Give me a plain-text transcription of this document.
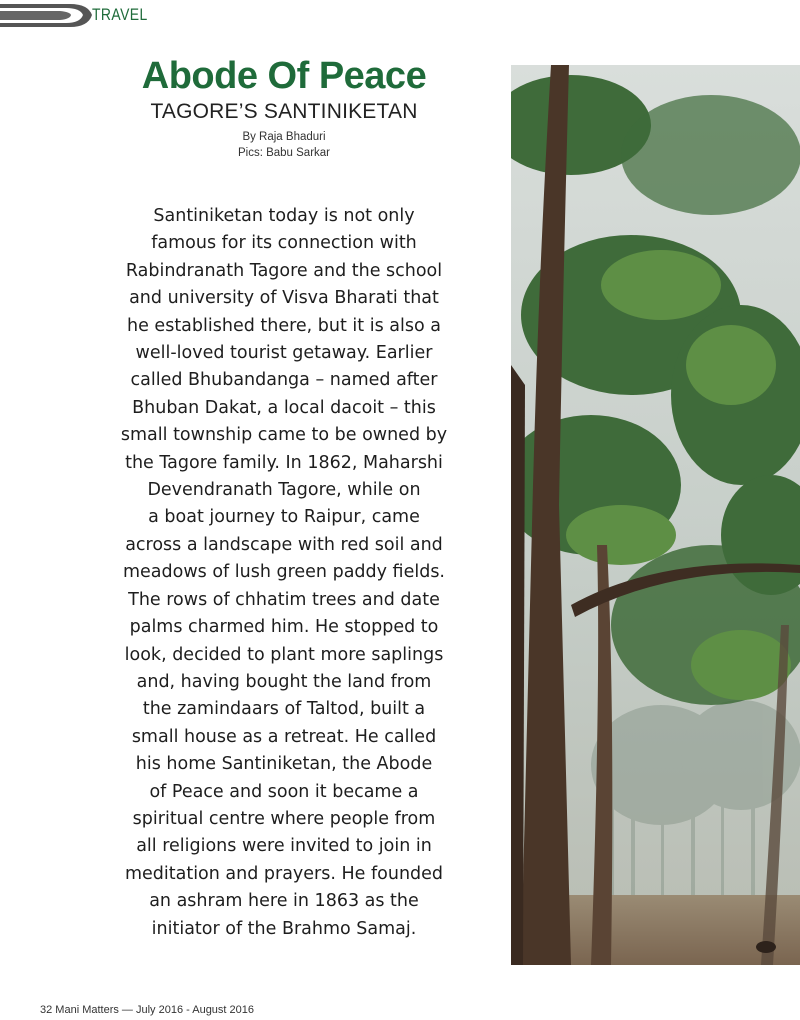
TRAVEL
Abode Of Peace
TAGORE’S SANTINIKETAN
By Raja Bhaduri
Pics: Babu Sarkar
Santiniketan today is not only
famous for its connection with
Rabindranath Tagore and the school
and university of Visva Bharati that
he established there, but it is also a
well-loved tourist getaway. Earlier
called Bhubandanga – named after
Bhuban Dakat, a local dacoit – this
small township came to be owned by
the Tagore family. In 1862, Maharshi
Devendranath Tagore, while on
a boat journey to Raipur, came
across a landscape with red soil and
meadows of lush green paddy fields.
The rows of chhatim trees and date
palms charmed him. He stopped to
look, decided to plant more saplings
and, having bought the land from
the zamindaars of Taltod, built a
small house as a retreat. He called
his home Santiniketan, the Abode
of Peace and soon it became a
spiritual centre where people from
all religions were invited to join in
meditation and prayers. He founded
an ashram here in 1863 as the
initiator of the Brahmo Samaj.
32 Mani Matters — July 2016 - August 2016
